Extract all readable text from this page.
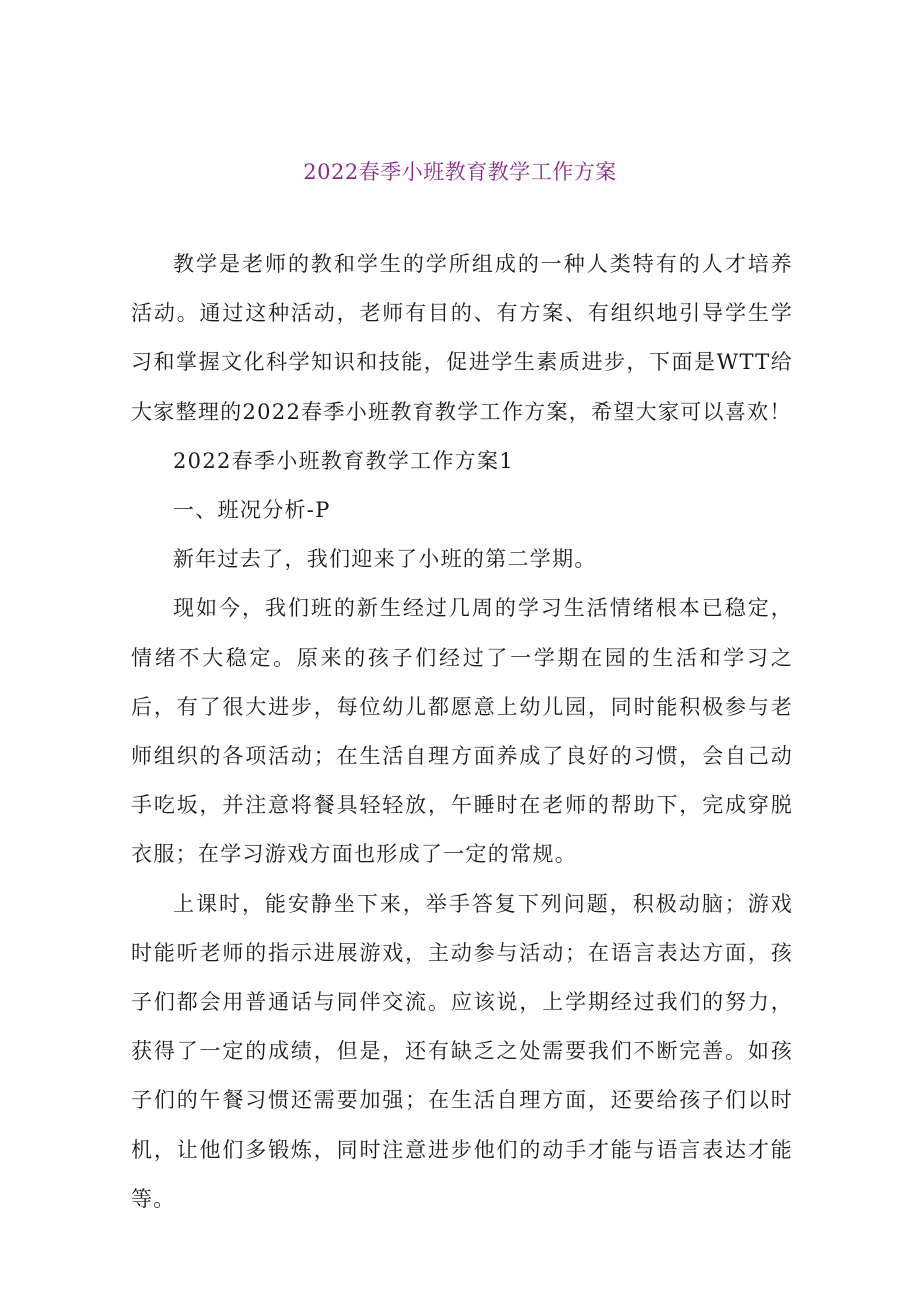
2022春季小班教育教学工作方案

教学是老师的教和学生的学所组成的一种人类特有的人才培养活动。通过这种活动，老师有目的、有方案、有组织地引导学生学习和掌握文化科学知识和技能，促进学生素质进步，下面是WTT给大家整理的2022春季小班教育教学工作方案，希望大家可以喜欢！

2022春季小班教育教学工作方案1

一、班况分析-P

新年过去了，我们迎来了小班的第二学期。

现如今，我们班的新生经过几周的学习生活情绪根本已稳定，情绪不大稳定。原来的孩子们经过了一学期在园的生活和学习之后，有了很大进步，每位幼儿都愿意上幼儿园，同时能积极参与老师组织的各项活动；在生活自理方面养成了良好的习惯，会自己动手吃坂，并注意将餐具轻轻放，午睡时在老师的帮助下，完成穿脱衣服；在学习游戏方面也形成了一定的常规。

上课时，能安静坐下来，举手答复下列问题，积极动脑；游戏时能听老师的指示进展游戏，主动参与活动；在语言表达方面，孩子们都会用普通话与同伴交流。应该说，上学期经过我们的努力，获得了一定的成绩，但是，还有缺乏之处需要我们不断完善。如孩子们的午餐习惯还需要加强；在生活自理方面，还要给孩子们以时机，让他们多锻炼，同时注意进步他们的动手才能与语言表达才能等。
